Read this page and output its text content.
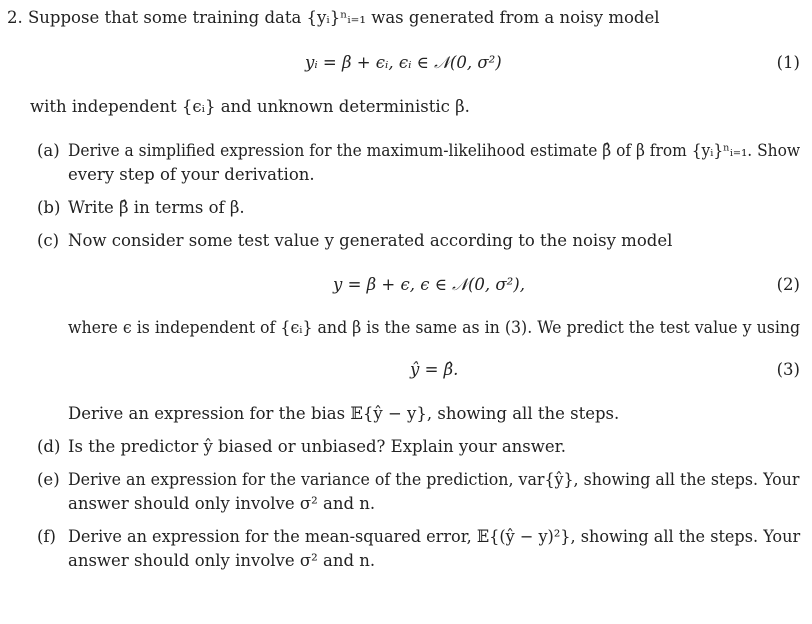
2. Suppose that some training data {yᵢ}ⁿᵢ₌₁ was generated from a noisy model
yᵢ = β + ϵᵢ, ϵᵢ ∈ 𝒩(0, σ²)	(1)
with independent {ϵᵢ} and unknown deterministic β.
(a) Derive a simplified expression for the maximum-likelihood estimate β̂ of β from {yᵢ}ⁿᵢ₌₁. Show
every step of your derivation.
(b) Write β̂ in terms of β.
(c) Now consider some test value y generated according to the noisy model
y = β + ϵ, ϵ ∈ 𝒩(0, σ²),	(2)
where ϵ is independent of {ϵᵢ} and β is the same as in (3). We predict the test value y using
ŷ = β̂.	(3)
Derive an expression for the bias 𝔼{ŷ − y}, showing all the steps.
(d) Is the predictor ŷ biased or unbiased? Explain your answer.
(e) Derive an expression for the variance of the prediction, var{ŷ}, showing all the steps. Your
answer should only involve σ² and n.
(f) Derive an expression for the mean-squared error, 𝔼{(ŷ − y)²}, showing all the steps. Your
answer should only involve σ² and n.
